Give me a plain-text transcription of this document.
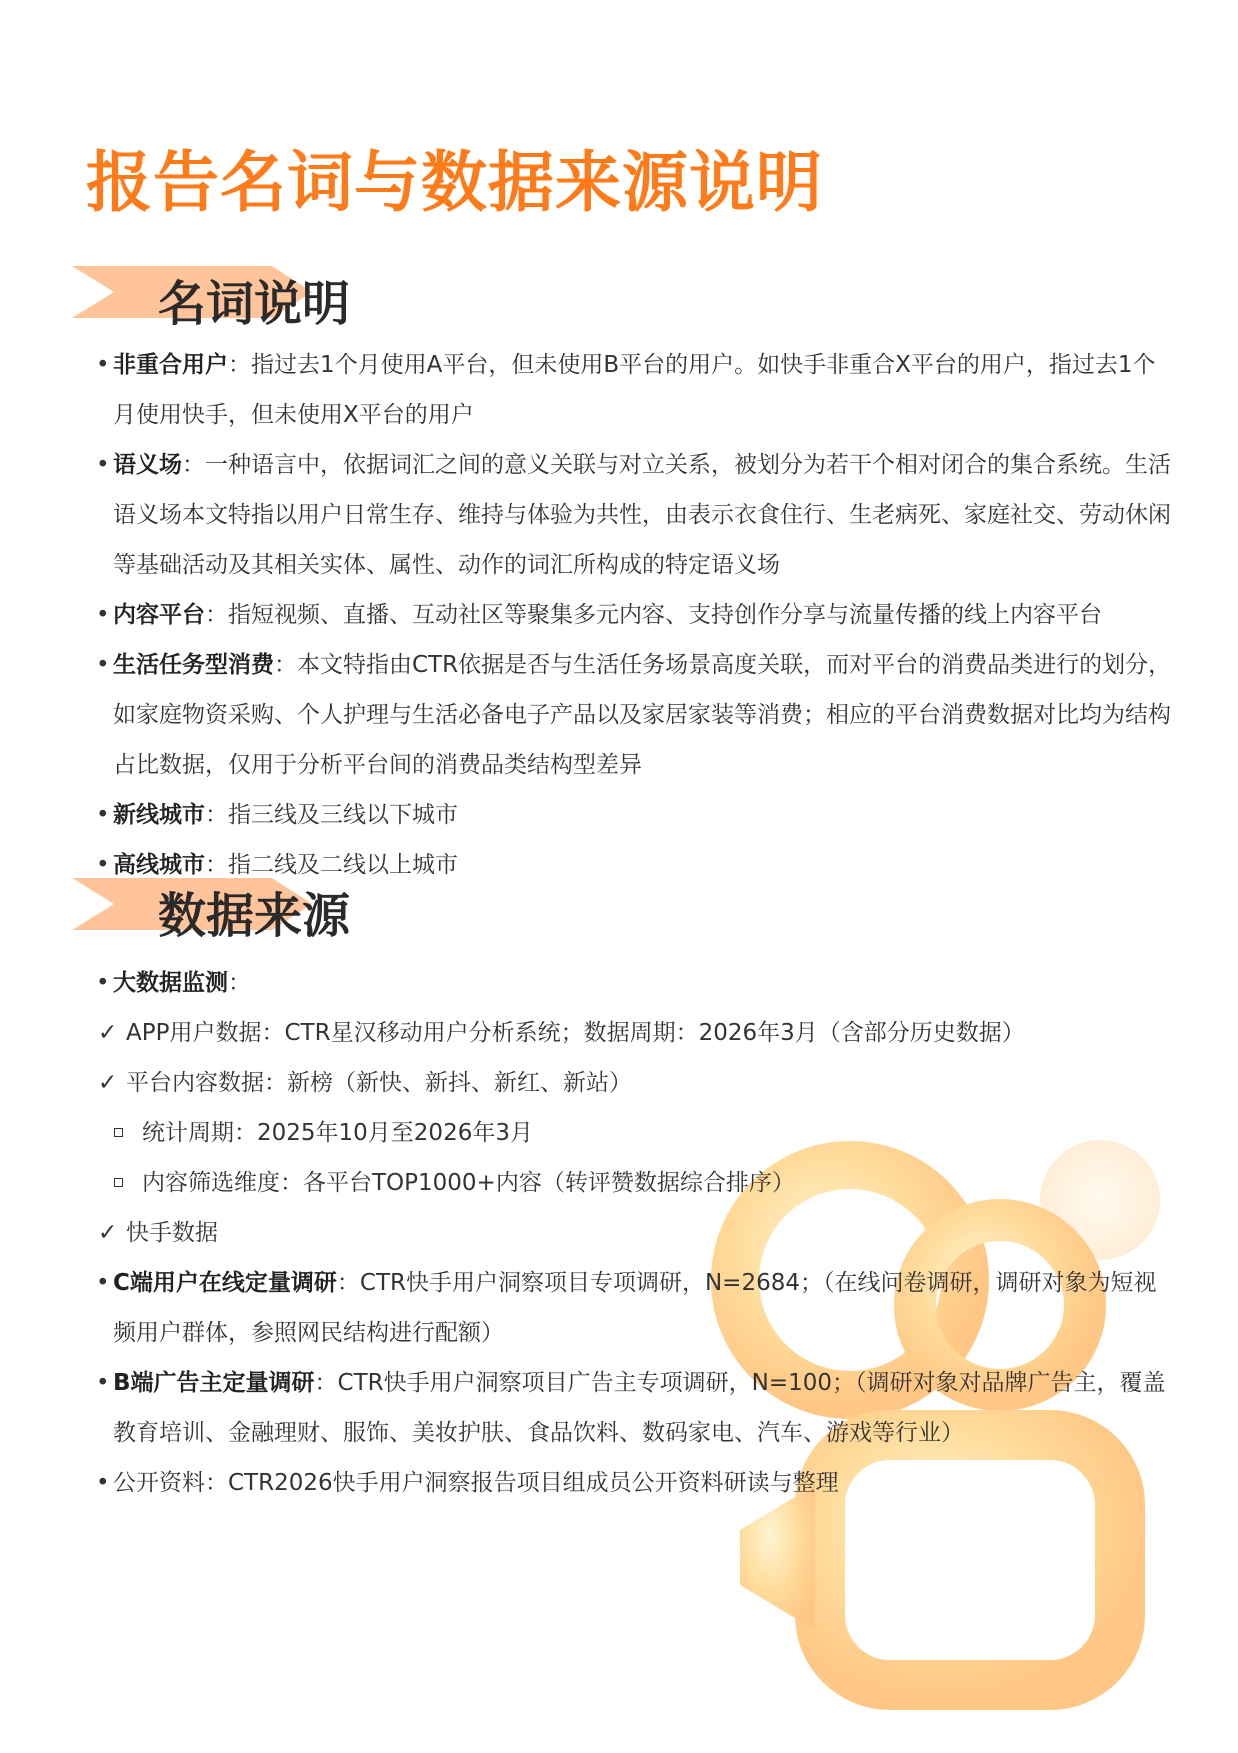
报告名词与数据来源说明
名词说明
• 非重合用户：指过去1个月使用A平台，但未使用B平台的用户。如快手非重合X平台的用户，指过去1个月使用快手，但未使用X平台的用户
• 语义场：一种语言中，依据词汇之间的意义关联与对立关系，被划分为若干个相对闭合的集合系统。生活语义场本文特指以用户日常生存、维持与体验为共性，由表示衣食住行、生老病死、家庭社交、劳动休闲等基础活动及其相关实体、属性、动作的词汇所构成的特定语义场
• 内容平台：指短视频、直播、互动社区等聚集多元内容、支持创作分享与流量传播的线上内容平台
• 生活任务型消费：本文特指由CTR依据是否与生活任务场景高度关联，而对平台的消费品类进行的划分，如家庭物资采购、个人护理与生活必备电子产品以及家居家装等消费；相应的平台消费数据对比均为结构占比数据，仅用于分析平台间的消费品类结构型差异
• 新线城市：指三线及三线以下城市
• 高线城市：指二线及二线以上城市
数据来源
• 大数据监测：
✓ APP用户数据：CTR星汉移动用户分析系统；数据周期：2026年3月（含部分历史数据）
✓ 平台内容数据：新榜（新快、新抖、新红、新站）
统计周期：2025年10月至2026年3月
内容筛选维度：各平台TOP1000+内容（转评赞数据综合排序）
✓ 快手数据
• C端用户在线定量调研：CTR快手用户洞察项目专项调研，N=2684；（在线问卷调研，调研对象为短视频用户群体，参照网民结构进行配额）
• B端广告主定量调研：CTR快手用户洞察项目广告主专项调研，N=100；（调研对象对品牌广告主，覆盖教育培训、金融理财、服饰、美妆护肤、食品饮料、数码家电、汽车、游戏等行业）
• 公开资料：CTR2026快手用户洞察报告项目组成员公开资料研读与整理
